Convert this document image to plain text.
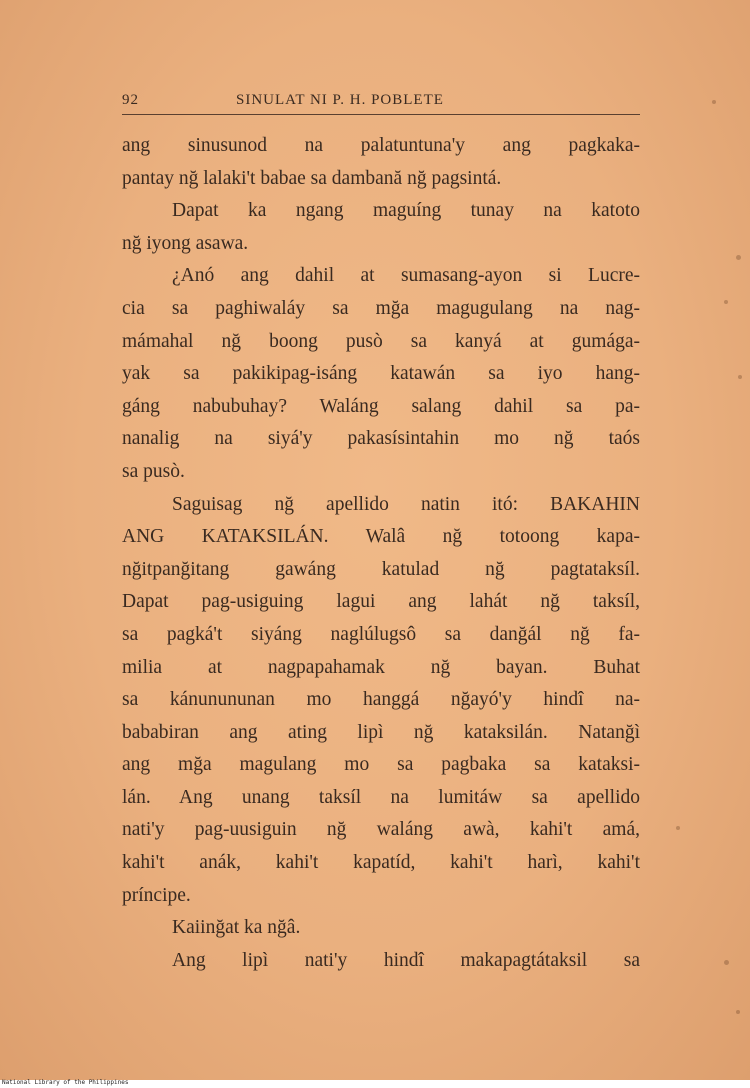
92	SINULAT NI P. H. POBLETE
ang sinusunod na palatuntuna'y ang pagkaka-
pantay nğ lalaki't babae sa dambană nğ pagsintá.
Dapat ka ngang maguíng tunay na katoto
nğ iyong asawa.
¿Anó ang dahil at sumasang-ayon si Lucre-
cia sa paghiwaláy sa mğa magugulang na nag-
mámahal nğ boong pusò sa kanyá at gumága-
yak sa pakikipag-isáng katawán sa iyo hang-
gáng nabubuhay? Waláng salang dahil sa pa-
nanalig na siyá'y pakasísintahin mo nğ taós
sa pusò.
Saguisag nğ apellido natin itó: BAKAHIN
ANG KATAKSILÁN. Walâ nğ totoong kapa-
nğitpanğitang gawáng katulad nğ pagtataksíl.
Dapat pag-usiguing lagui ang lahát nğ taksíl,
sa pagká't siyáng naglúlugsô sa danğál nğ fa-
milia at nagpapahamak nğ bayan. Buhat
sa kánunununan mo hanggá nğayó'y hindî na-
bababiran ang ating lipì nğ kataksilán. Natanğì
ang mğa magulang mo sa pagbaka sa kataksi-
lán. Ang unang taksíl na lumitáw sa apellido
nati'y pag-uusiguin nğ waláng awà, kahi't amá,
kahi't anák, kahi't kapatíd, kahi't harì, kahi't
príncipe.
Kaiinğat ka nğâ.
Ang lipì nati'y hindî makapagtátaksil sa
National Library of the Philippines
